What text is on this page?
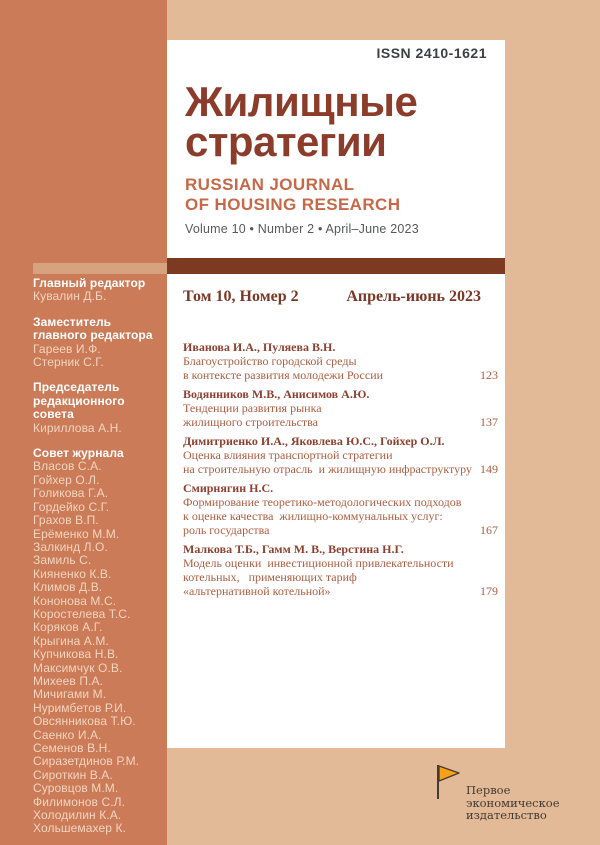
Главный редактор
Кувалин Д.Б.
Заместитель главного редактора
Гареев И.Ф.
Стерник С.Г.
Председатель редакционного совета
Кириллова А.Н.
Совет журнала
Власов С.А.
Гойхер О.Л.
Голикова Г.А.
Гордейко С.Г.
Грахов В.П.
Ерёменко М.М.
Залкинд Л.О.
Замиль С.
Кияненко К.В.
Климов Д.В.
Кононова М.С.
Коростелева Т.С.
Коряков А.Г.
Крыгина А.М.
Купчикова Н.В.
Максимчук О.В.
Михеев П.А.
Мичигами М.
Нуримбетов Р.И.
Овсянникова Т.Ю.
Саенко И.А.
Семенов В.Н.
Сиразетдинов Р.М.
Сироткин В.А.
Суровцов М.М.
Филимонов С.Л.
Холодилин К.А.
Хольшемахер К.
ISSN 2410-1621
Жилищные
стратегии
RUSSIAN JOURNAL
OF HOUSING RESEARCH
Volume 10 • Number 2 • April–June 2023
Том 10, Номер 2	Апрель-июнь 2023
Иванова И.А., Пуляева В.Н.
Благоустройство городской среды
в контексте развития молодежи России	123
Водянников М.В., Анисимов А.Ю.
Тенденции развития рынка
жилищного строительства	137
Димитриенко И.А., Яковлева Ю.С., Гойхер О.Л.
Оценка влияния транспортной стратегии
на строительную отрасль  и жилищную инфраструктуру 149
Смирнягин Н.С.
Формирование теоретико-методологических подходов
к оценке качества  жилищно-коммунальных услуг:
роль государства	167
Малкова Т.Б., Гамм М. В., Верстина Н.Г.
Модель оценки  инвестиционной привлекательности
котельных,   применяющих тариф
«альтернативной котельной»	179
Первое
экономическое
издательство
